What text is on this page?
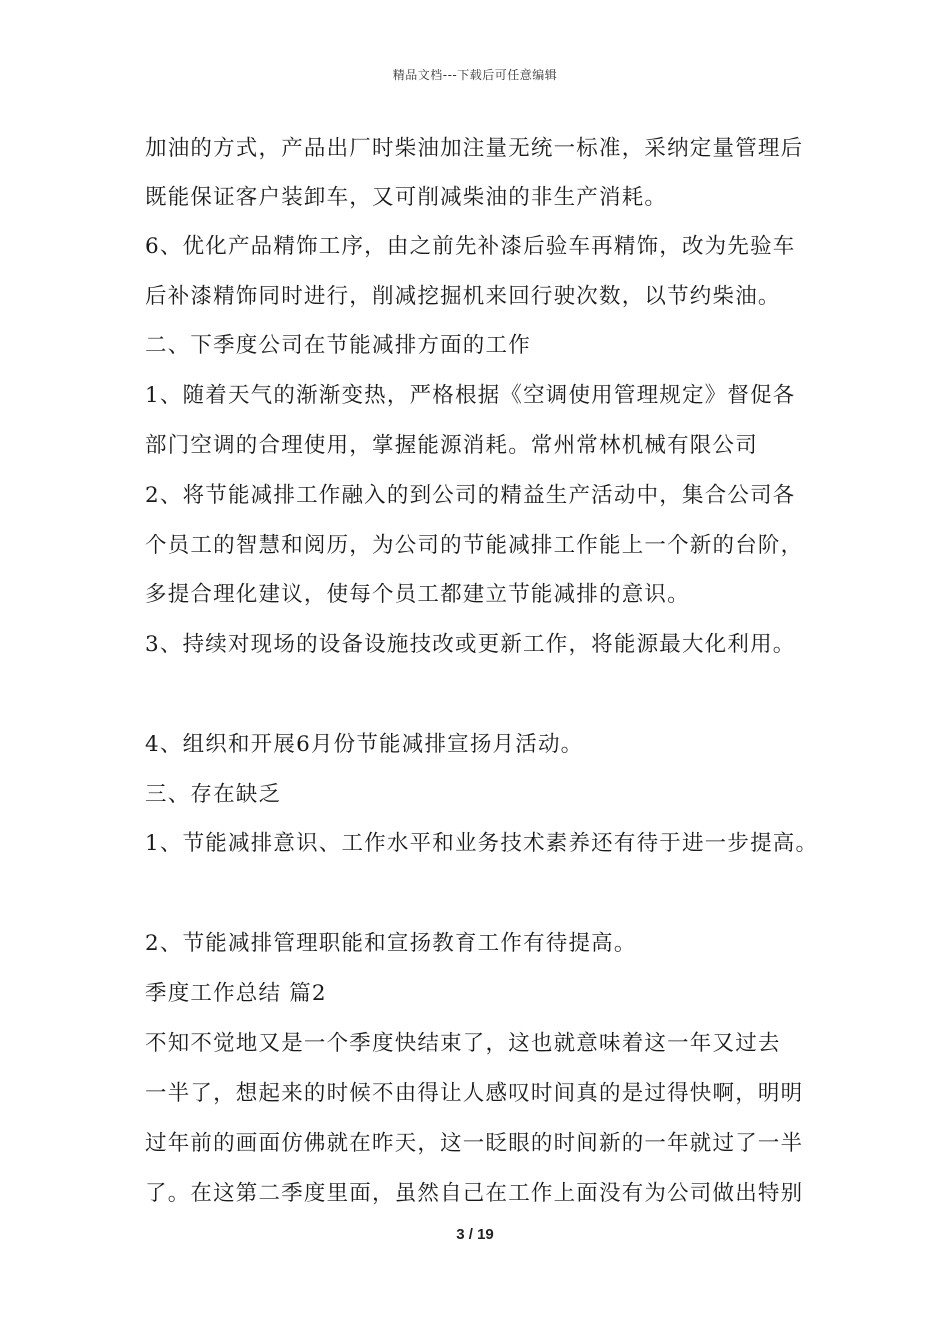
精品文档---下载后可任意编辑
加油的方式，产品出厂时柴油加注量无统一标准，采纳定量管理后
既能保证客户装卸车，又可削减柴油的非生产消耗。
6、优化产品精饰工序，由之前先补漆后验车再精饰，改为先验车
后补漆精饰同时进行，削减挖掘机来回行驶次数，以节约柴油。
二、下季度公司在节能减排方面的工作
1、随着天气的渐渐变热，严格根据《空调使用管理规定》督促各
部门空调的合理使用，掌握能源消耗。常州常林机械有限公司
2、将节能减排工作融入的到公司的精益生产活动中，集合公司各
个员工的智慧和阅历，为公司的节能减排工作能上一个新的台阶，
多提合理化建议，使每个员工都建立节能减排的意识。
3、持续对现场的设备设施技改或更新工作，将能源最大化利用。
4、组织和开展6月份节能减排宣扬月活动。
三、存在缺乏
1、节能减排意识、工作水平和业务技术素养还有待于进一步提高。
2、节能减排管理职能和宣扬教育工作有待提高。
季度工作总结 篇2
不知不觉地又是一个季度快结束了，这也就意味着这一年又过去
一半了，想起来的时候不由得让人感叹时间真的是过得快啊，明明
过年前的画面仿佛就在昨天，这一眨眼的时间新的一年就过了一半
了。在这第二季度里面，虽然自己在工作上面没有为公司做出特别
3 / 19
